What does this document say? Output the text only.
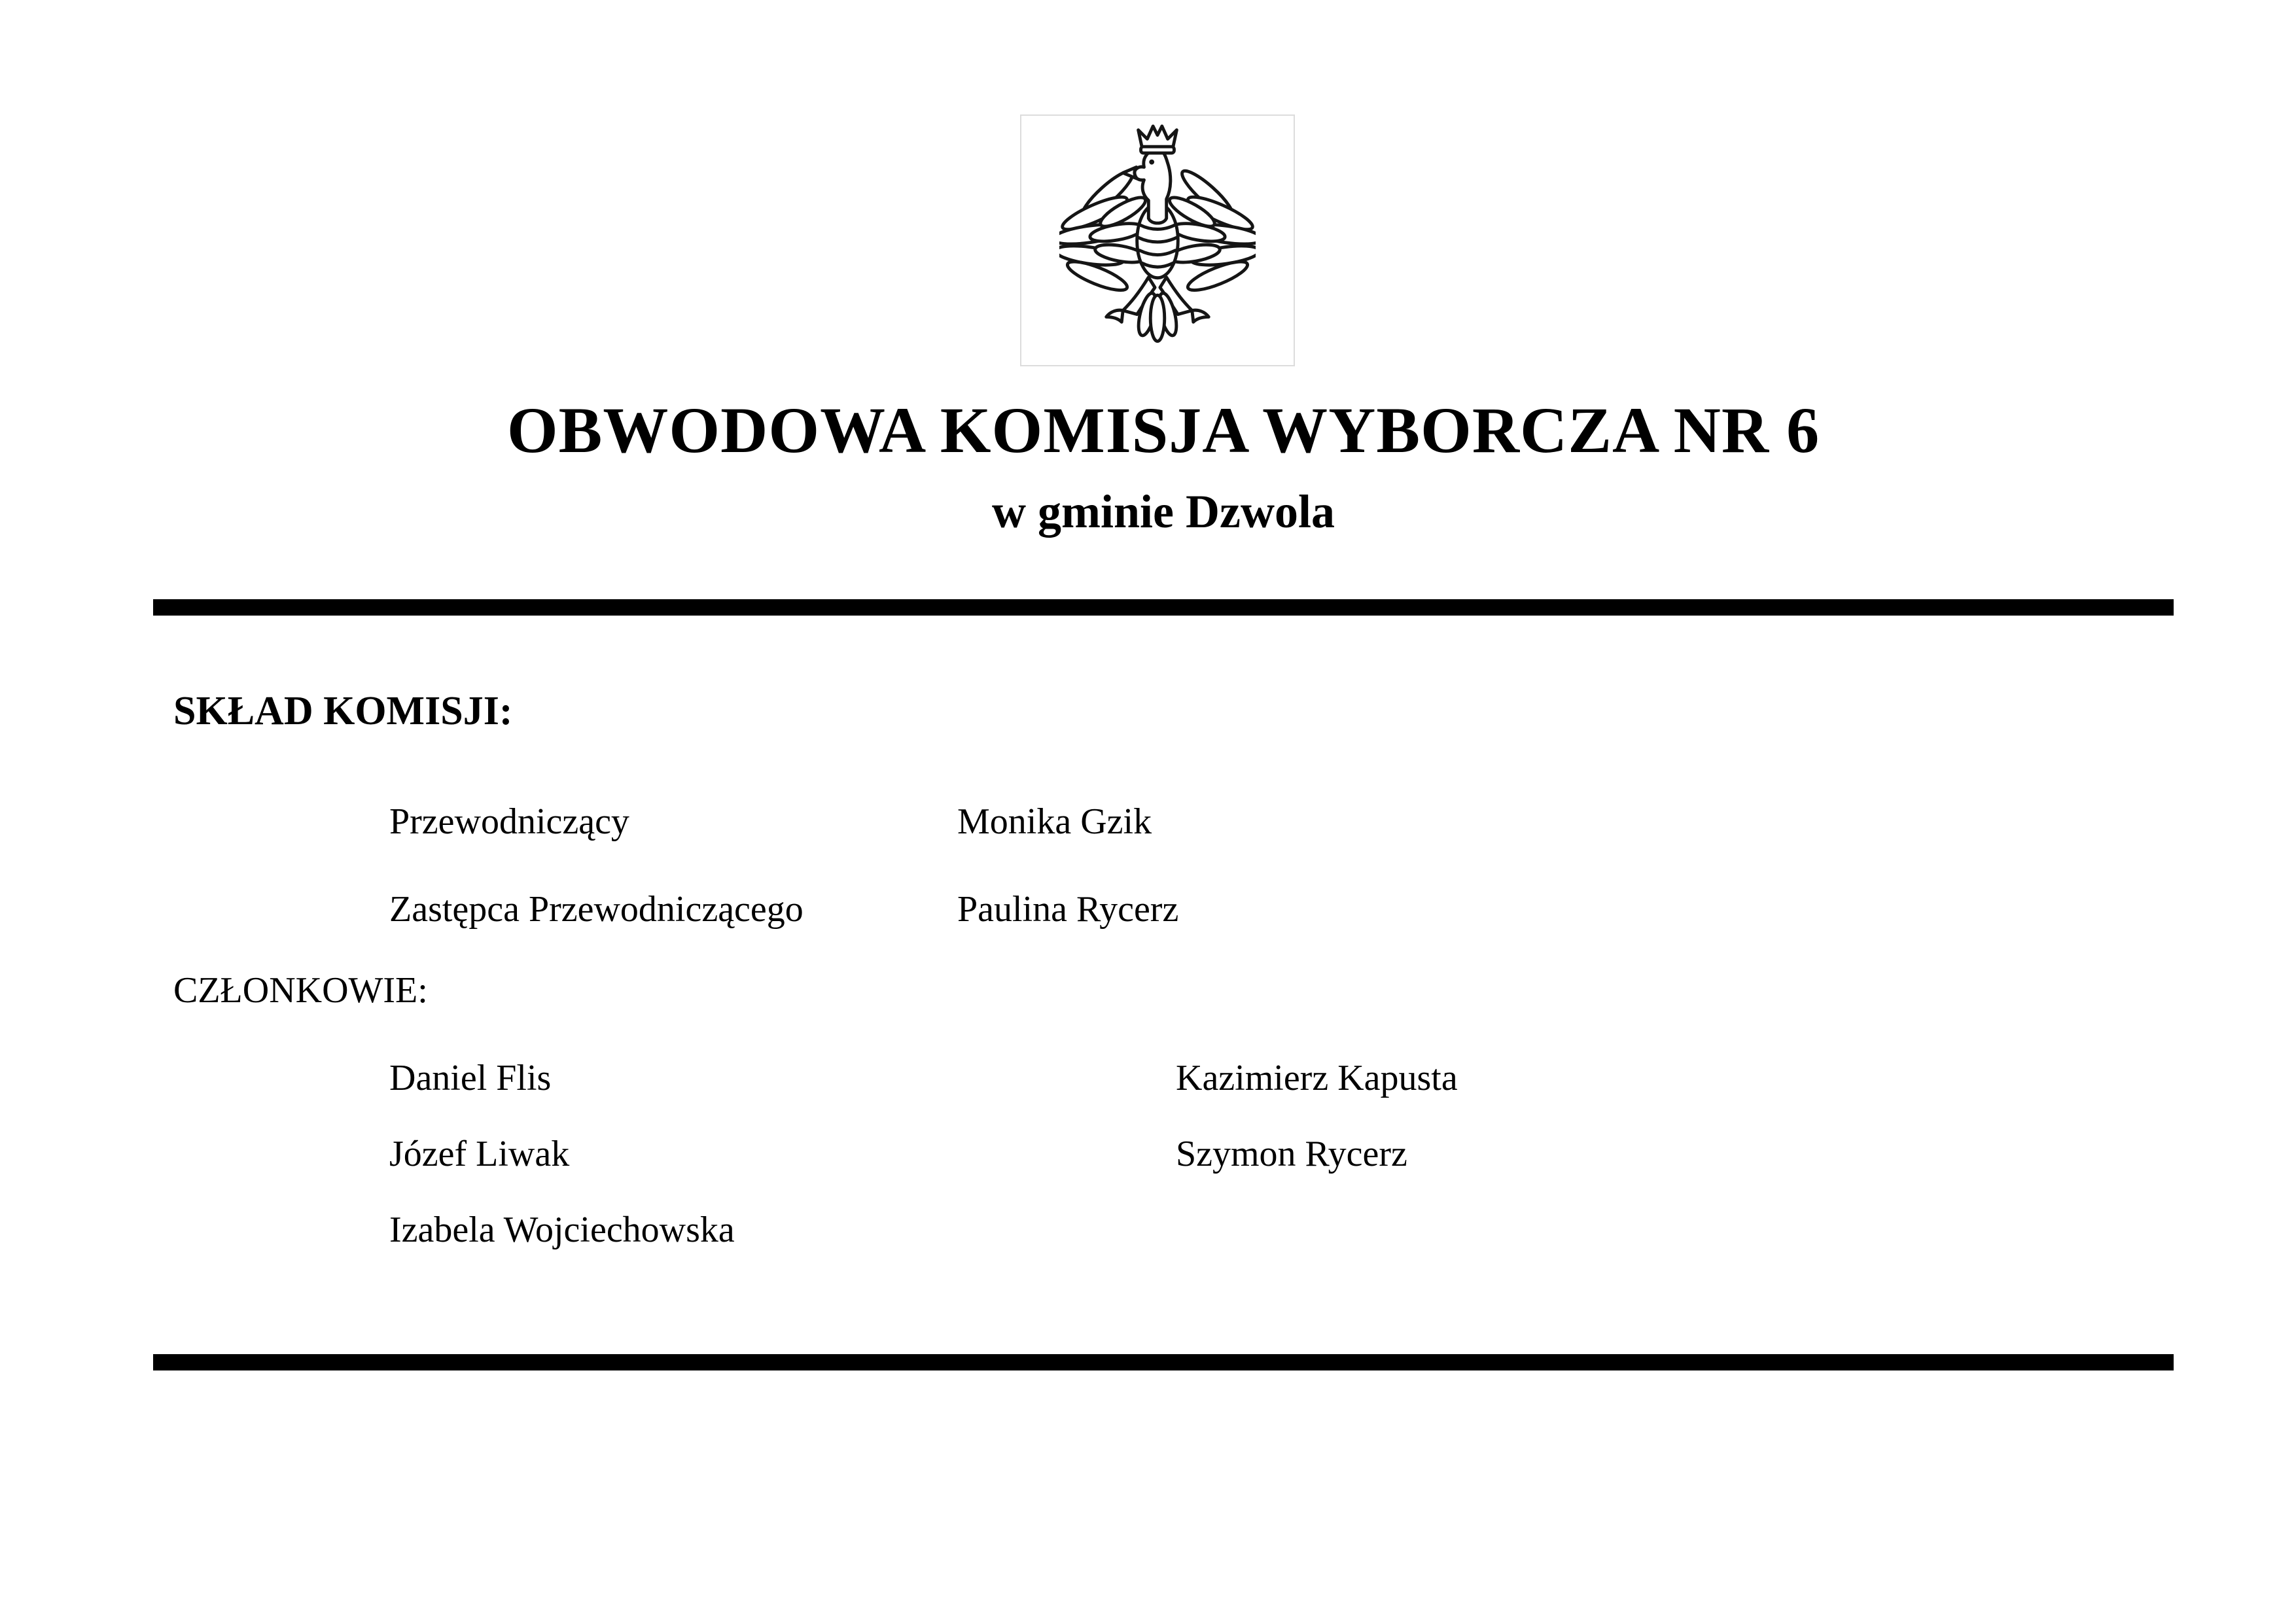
OBWODOWA KOMISJA WYBORCZA NR 6
w gminie Dzwola
SKŁAD KOMISJI:
Przewodniczący	Monika Gzik
Zastępca Przewodniczącego	Paulina Rycerz
CZŁONKOWIE:
Daniel Flis	Kazimierz Kapusta
Józef Liwak	Szymon Rycerz
Izabela Wojciechowska
